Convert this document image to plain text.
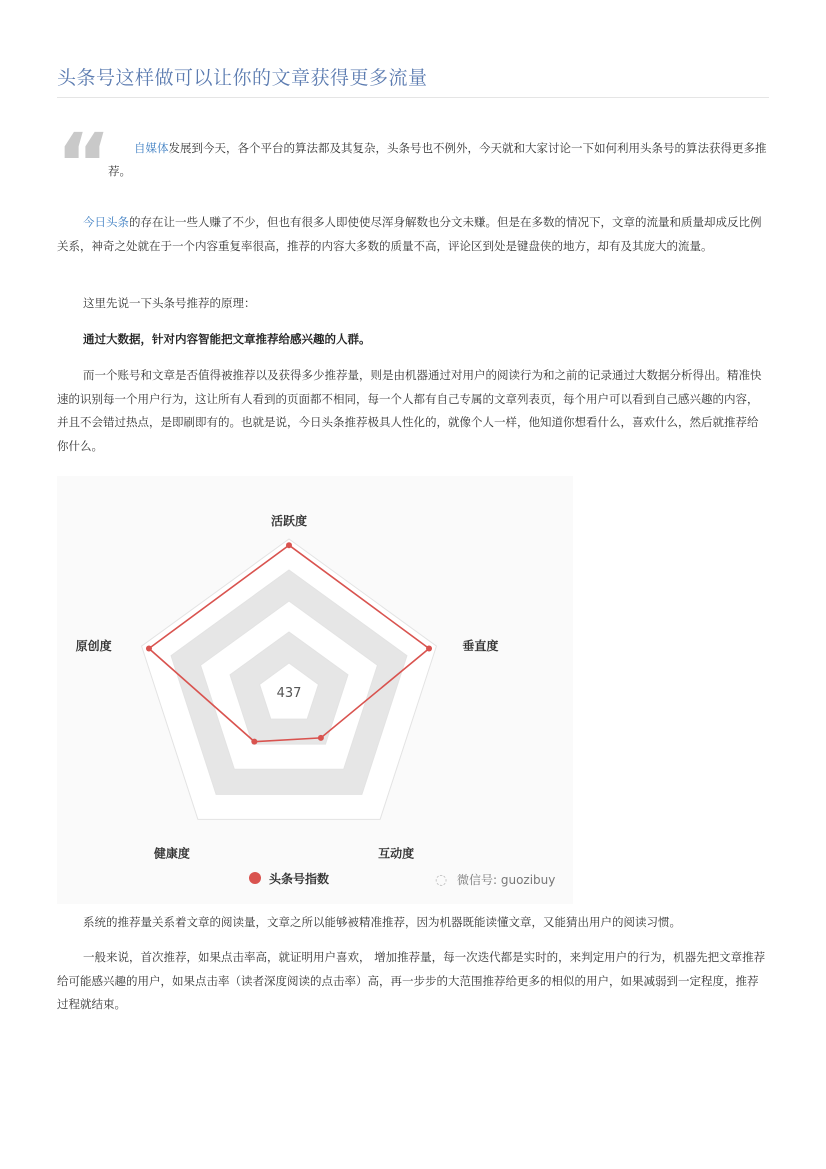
头条号这样做可以让你的文章获得更多流量
“	自媒体发展到今天，各个平台的算法都及其复杂，头条号也不例外，今天就和大家讨论一下如何利用头条号的算法获得更多推荐。

今日头条的存在让一些人赚了不少，但也有很多人即使使尽浑身解数也分文未赚。但是在多数的情况下，文章的流量和质量却成反比例关系，神奇之处就在于一个内容重复率很高，推荐的内容大多数的质量不高，评论区到处是键盘侠的地方，却有及其庞大的流量。

这里先说一下头条号推荐的原理：

通过大数据，针对内容智能把文章推荐给感兴趣的人群。

而一个账号和文章是否值得被推荐以及获得多少推荐量，则是由机器通过对用户的阅读行为和之前的记录通过大数据分析得出。精准快速的识别每一个用户行为，这让所有人看到的页面都不相同，每一个人都有自己专属的文章列表页，每个用户可以看到自己感兴趣的内容，并且不会错过热点，是即刷即有的。也就是说，今日头条推荐极具人性化的，就像个人一样，他知道你想看什么，喜欢什么，然后就推荐给你什么。

437
活跃度
垂直度
互动度
健康度
原创度
头条号指数	◌ 微信号: guozibuy

系统的推荐量关系着文章的阅读量，文章之所以能够被精准推荐，因为机器既能读懂文章，又能猜出用户的阅读习惯。

一般来说，首次推荐，如果点击率高，就证明用户喜欢， 增加推荐量，每一次迭代都是实时的，来判定用户的行为，机器先把文章推荐给可能感兴趣的用户，如果点击率（读者深度阅读的点击率）高，再一步步的大范围推荐给更多的相似的用户，如果减弱到一定程度，推荐过程就结束。
